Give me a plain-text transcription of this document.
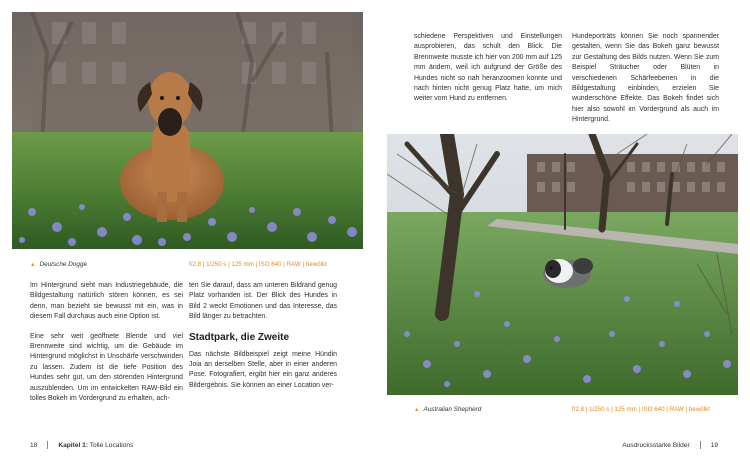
▲ Deutsche Dogge	f/2.8 | 1/250 s | 125 mm | ISO 640 | RAW | bewölkt

Im Hintergrund sieht man Industriegebäude, die Bildgestaltung natürlich stören können, es sei denn, man bezieht sie bewusst mit ein, was in diesem Fall durchaus auch eine Option ist.

Eine sehr weit geöffnete Blende und viel Brennweite sind wichtig, um die Gebäude im Hintergrund möglichst in Unschärfe verschwinden zu lassen. Zudem ist die tiefe Position des Hundes sehr gut, um den störenden Hintergrund auszublenden. Um im entwickelten RAW-Bild ein tolles Bokeh im Vordergrund zu erhalten, ach-

ten Sie darauf, dass am unteren Bildrand genug Platz vorhanden ist. Der Blick des Hundes in Bild 2 weckt Emotionen und das Interesse, das Bild länger zu betrachten.

Stadtpark, die Zweite

Das nächste Bildbeispiel zeigt meine Hündin Joia an derselben Stelle, aber in einer anderen Pose. Fotografiert, ergibt hier ein ganz anderes Bildergebnis. Sie können an einer Location ver-

schiedene Perspektiven und Einstellungen ausprobieren, das schult den Blick. Die Brennweite musste ich hier von 200 mm auf 125 mm ändern, weil ich aufgrund der Größe des Hundes nicht so nah heranzoomen konnte und nach hinten nicht genug Platz hatte, um mich weiter vom Hund zu entfernen.

Hundeporträts können Sie noch spannender gestalten, wenn Sie das Bokeh ganz bewusst zur Gestaltung des Bilds nutzen. Wenn Sie zum Beispiel Sträucher oder Blüten in verschiedenen Schärfeebenen in die Bildgestaltung einbinden, erzielen Sie wunderschöne Effekte. Das Bokeh findet sich hier also sowohl im Vordergrund als auch im Hintergrund.

▲ Australian Shepherd	f/2.8 | 1/250 s | 125 mm | ISO 640 | RAW | bewölkt
18	Kapitel 1: Tolle Locations	Ausdrucksstarke Bilder	19
